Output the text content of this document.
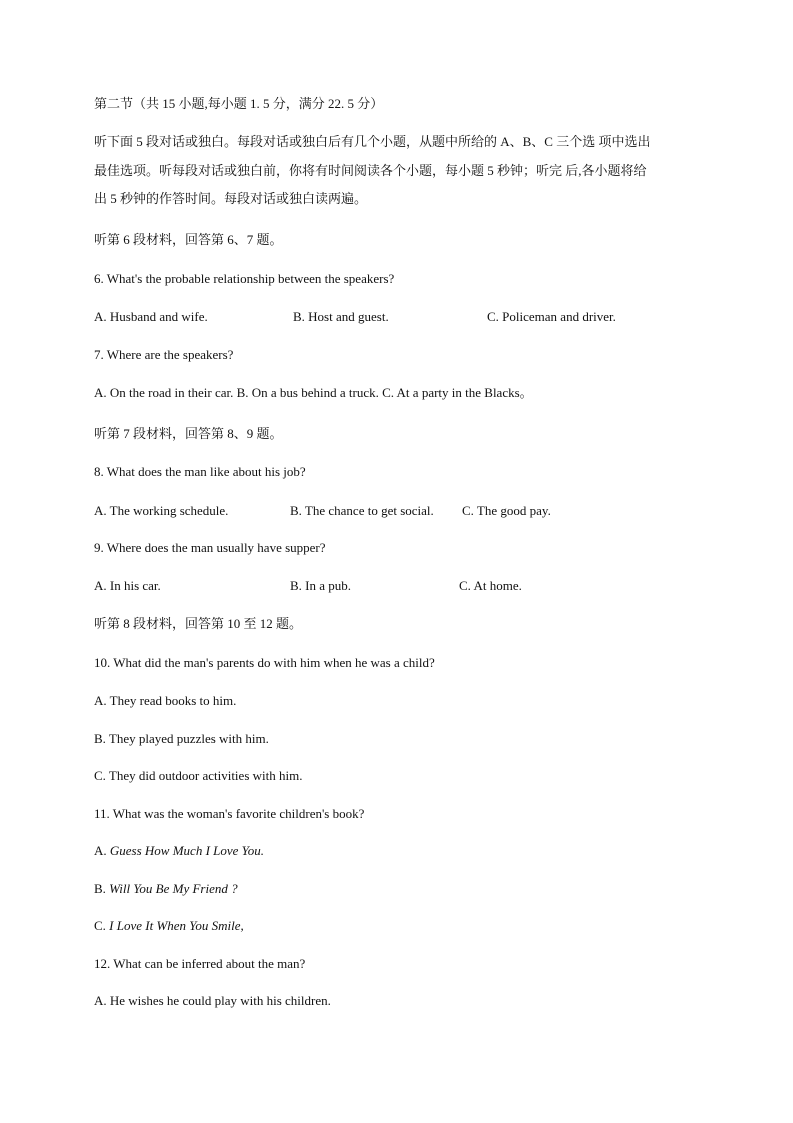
第二节（共 15 小题,每小题 1. 5 分，满分 22. 5 分）
听下面 5 段对话或独白。每段对话或独白后有几个小题，从题中所给的 A、B、C 三个选 项中选出
最佳选项。听每段对话或独白前，你将有时间阅读各个小题，每小题 5 秒钟；听完 后,各小题将给
出 5 秒钟的作答时间。每段对话或独白读两遍。
听第 6 段材料，回答第 6、7 题。
6. What's the probable relationship between the speakers?
A. Husband and wife.	B. Host and guest.	C. Policeman and driver.
7. Where are the speakers?
A. On the road in their car. B. On a bus behind a truck. C. At a party in the Blacks。
听第 7 段材料，回答第 8、9 题。
8. What does the man like about his job?
A. The working schedule.	B. The chance to get social. C. The good pay.
9. Where does the man usually have supper?
A. In his car.	B. In a pub.	C. At home.
听第 8 段材料，回答第 10 至 12 题。
10. What did the man's parents do with him when he was a child?
A. They read books to him.
B. They played puzzles with him.
C. They did outdoor activities with him.
11. What was the woman's favorite children's book?
A. Guess How Much I Love You.
B. Will You Be My Friend ?
C. I Love It When You Smile,
12. What can be inferred about the man?
A. He wishes he could play with his children.
